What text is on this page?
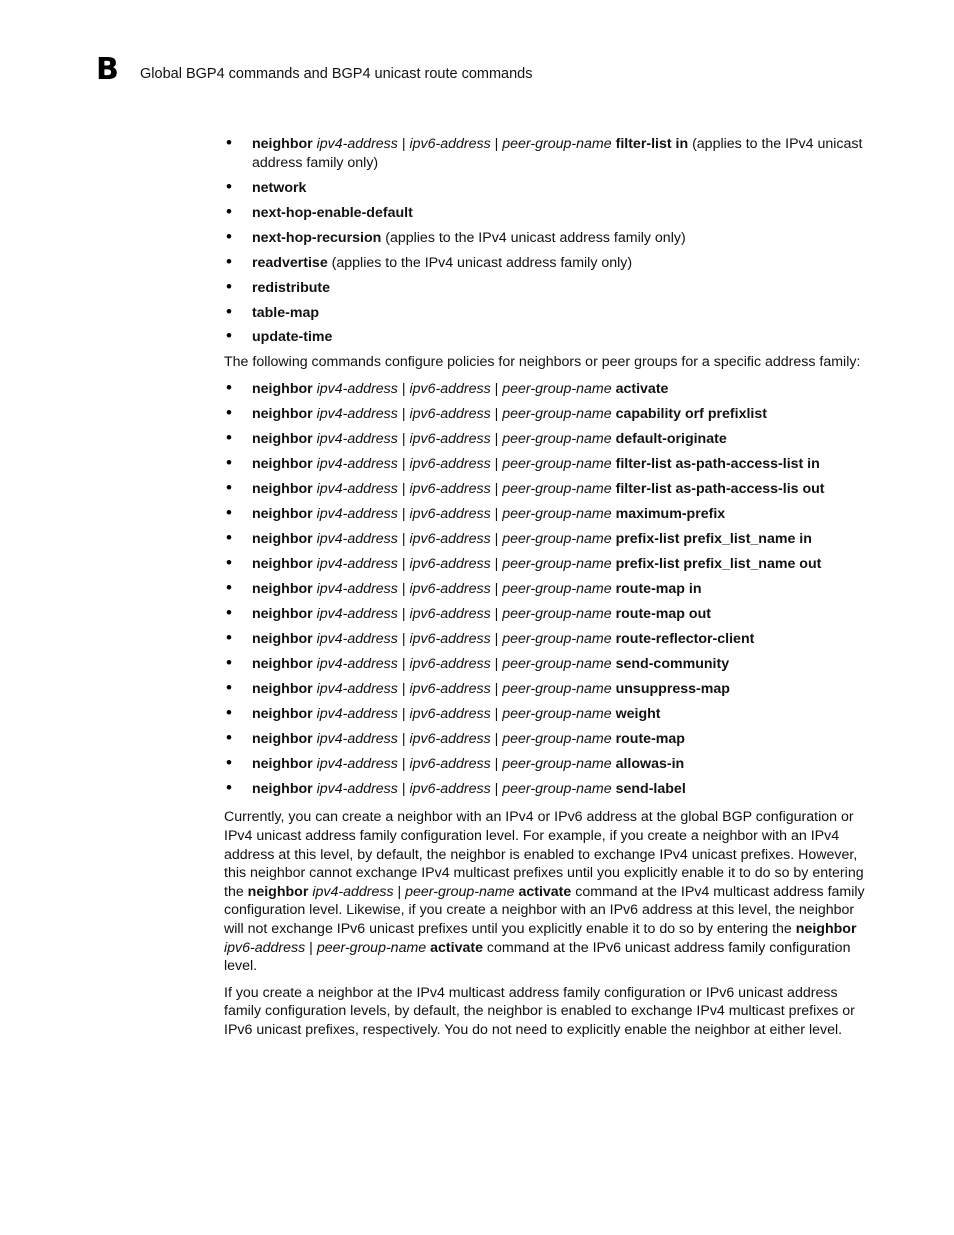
B Global BGP4 commands and BGP4 unicast route commands
• neighbor ipv4-address | ipv6-address | peer-group-name filter-list in (applies to the IPv4 unicast address family only)
• network
• next-hop-enable-default
• next-hop-recursion (applies to the IPv4 unicast address family only)
• readvertise (applies to the IPv4 unicast address family only)
• redistribute
• table-map
• update-time

The following commands configure policies for neighbors or peer groups for a specific address family:

• neighbor ipv4-address | ipv6-address | peer-group-name activate
• neighbor ipv4-address | ipv6-address | peer-group-name capability orf prefixlist
• neighbor ipv4-address | ipv6-address | peer-group-name default-originate
• neighbor ipv4-address | ipv6-address | peer-group-name filter-list as-path-access-list in
• neighbor ipv4-address | ipv6-address | peer-group-name filter-list as-path-access-lis out
• neighbor ipv4-address | ipv6-address | peer-group-name maximum-prefix
• neighbor ipv4-address | ipv6-address | peer-group-name prefix-list prefix_list_name in
• neighbor ipv4-address | ipv6-address | peer-group-name prefix-list prefix_list_name out
• neighbor ipv4-address | ipv6-address | peer-group-name route-map in
• neighbor ipv4-address | ipv6-address | peer-group-name route-map out
• neighbor ipv4-address | ipv6-address | peer-group-name route-reflector-client
• neighbor ipv4-address | ipv6-address | peer-group-name send-community
• neighbor ipv4-address | ipv6-address | peer-group-name unsuppress-map
• neighbor ipv4-address | ipv6-address | peer-group-name weight
• neighbor ipv4-address | ipv6-address | peer-group-name route-map
• neighbor ipv4-address | ipv6-address | peer-group-name allowas-in
• neighbor ipv4-address | ipv6-address | peer-group-name send-label

Currently, you can create a neighbor with an IPv4 or IPv6 address at the global BGP configuration or IPv4 unicast address family configuration level. For example, if you create a neighbor with an IPv4 address at this level, by default, the neighbor is enabled to exchange IPv4 unicast prefixes. However, this neighbor cannot exchange IPv4 multicast prefixes until you explicitly enable it to do so by entering the neighbor ipv4-address | peer-group-name activate command at the IPv4 multicast address family configuration level. Likewise, if you create a neighbor with an IPv6 address at this level, the neighbor will not exchange IPv6 unicast prefixes until you explicitly enable it to do so by entering the neighbor ipv6-address | peer-group-name activate command at the IPv6 unicast address family configuration level.

If you create a neighbor at the IPv4 multicast address family configuration or IPv6 unicast address family configuration levels, by default, the neighbor is enabled to exchange IPv4 multicast prefixes or IPv6 unicast prefixes, respectively. You do not need to explicitly enable the neighbor at either level.
